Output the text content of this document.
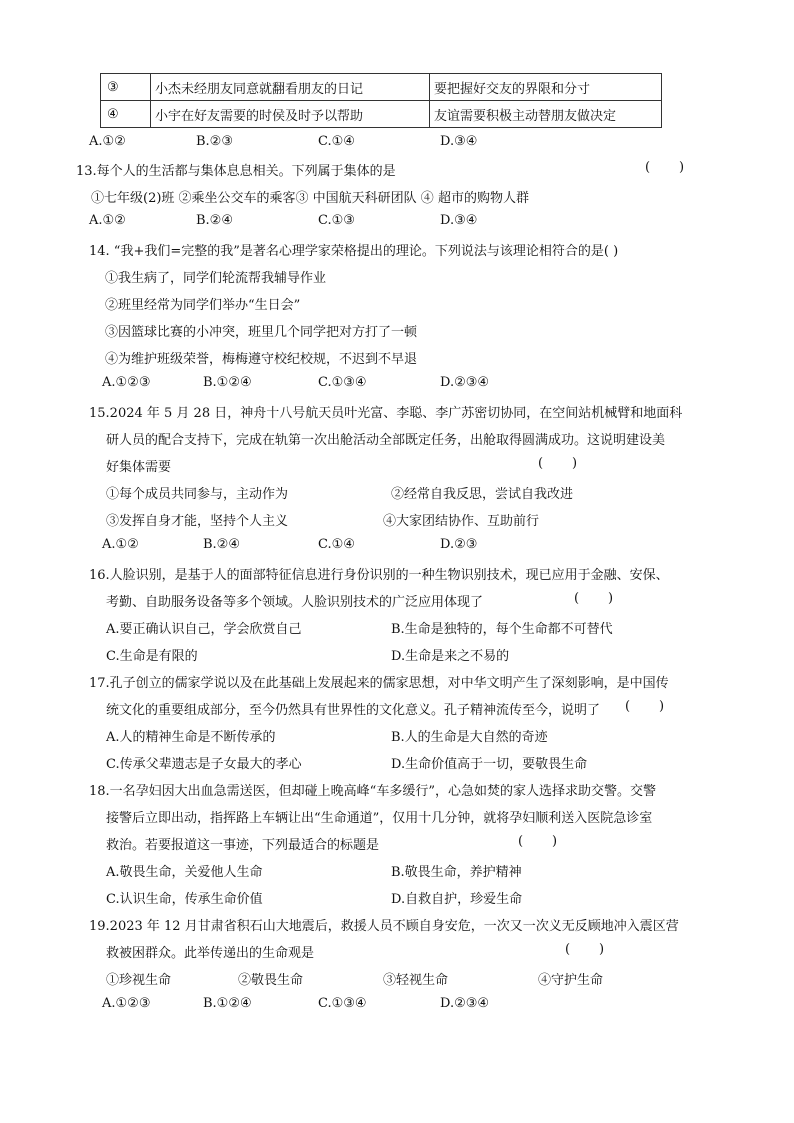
③	小杰未经朋友同意就翻看朋友的日记	要把握好交友的界限和分寸
④	小宇在好友需要的时侯及时予以帮助	友谊需要积极主动替朋友做决定
A.①②	B.②③	C.①④	D.③④
13.每个人的生活都与集体息息相关。下列属于集体的是	(       )
①七年级(2)班 ②乘坐公交车的乘客③ 中国航天科研团队 ④ 超市的购物人群
A.①②	B.②④	C.①③	D.③④
14. “我+我们=完整的我”是著名心理学家荣格提出的理论。下列说法与该理论相符合的是( )
①我生病了，同学们轮流帮我辅导作业
②班里经常为同学们举办“生日会”
③因篮球比赛的小冲突，班里几个同学把对方打了一顿
④为维护班级荣誉，梅梅遵守校纪校规，不迟到不早退
A.①②③	B.①②④	C.①③④	D.②③④
15.2024 年 5 月 28 日，神舟十八号航天员叶光富、李聪、李广苏密切协同，在空间站机械臂和地面科
研人员的配合支持下，完成在轨第一次出舱活动全部既定任务，出舱取得圆满成功。这说明建设美
好集体需要	(       )
①每个成员共同参与，主动作为	②经常自我反思，尝试自我改进
③发挥自身才能，坚持个人主义	④大家团结协作、互助前行
A.①②	B.②④	C.①④	D.②③
16.人脸识别，是基于人的面部特征信息进行身份识别的一种生物识别技术，现已应用于金融、安保、
考勤、自助服务设备等多个领域。人脸识别技术的广泛应用体现了	(       )
A.要正确认识自己，学会欣赏自己	B.生命是独特的，每个生命都不可替代
C.生命是有限的	D.生命是来之不易的
17.孔子创立的儒家学说以及在此基础上发展起来的儒家思想，对中华文明产生了深刻影响，是中国传
统文化的重要组成部分，至今仍然具有世界性的文化意义。孔子精神流传至今，说明了 (       )
A.人的精神生命是不断传承的	B.人的生命是大自然的奇迹
C.传承父辈遗志是子女最大的孝心	D.生命价值高于一切，要敬畏生命
18.一名孕妇因大出血急需送医，但却碰上晚高峰“车多缓行”，心急如焚的家人选择求助交警。交警
接警后立即出动，指挥路上车辆让出“生命通道”，仅用十几分钟，就将孕妇顺利送入医院急诊室
救治。若要报道这一事迹，下列最适合的标题是	(       )
A.敬畏生命，关爱他人生命	B.敬畏生命，养护精神
C.认识生命，传承生命价值	D.自救自护，珍爱生命
19.2023 年 12 月甘肃省积石山大地震后，救援人员不顾自身安危，一次又一次义无反顾地冲入震区营
救被困群众。此举传递出的生命观是	(       )
①珍视生命	②敬畏生命	③轻视生命	④守护生命
A.①②③	B.①②④	C.①③④	D.②③④
